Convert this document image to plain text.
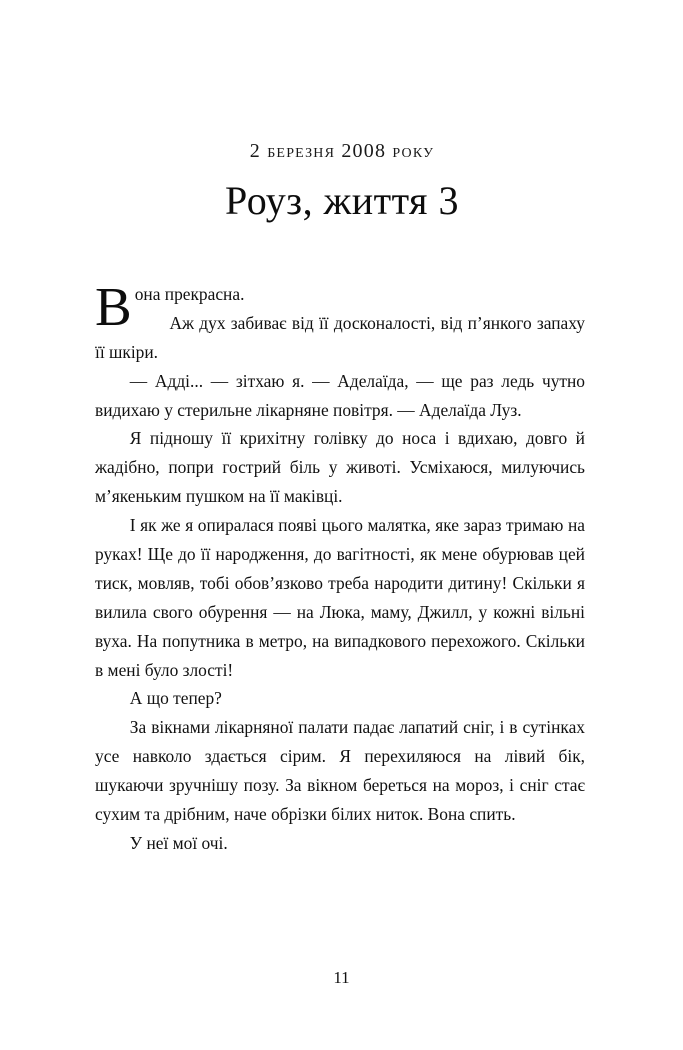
2 березня 2008 року
Роуз, життя 3

Вона прекрасна.

Аж дух забиває від її досконалості, від п’янкого запаху її шкіри.

— Адді... — зітхаю я. — Аделаїда, — ще раз ледь чутно видихаю у стерильне лікарняне повітря. — Аделаїда Луз.

Я підношу її крихітну голівку до носа і вдихаю, довго й жадібно, попри гострий біль у животі. Усміхаюся, милуючись м’якеньким пушком на її маківці.

І як же я опиралася появі цього малятка, яке зараз тримаю на руках! Ще до її народження, до вагітності, як мене обурював цей тиск, мовляв, тобі обов’язково треба народити дитину! Скільки я вилила свого обурення — на Люка, маму, Джилл, у кожні вільні вуха. На попутника в метро, на випадкового перехожого. Скільки в мені було злості!

А що тепер?

За вікнами лікарняної палати падає лапатий сніг, і в сутінках усе навколо здається сірим. Я перехиляюся на лівий бік, шукаючи зручнішу позу. За вікном береться на мороз, і сніг стає сухим та дрібним, наче обрізки білих ниток. Вона спить.

У неї мої очі.

11
